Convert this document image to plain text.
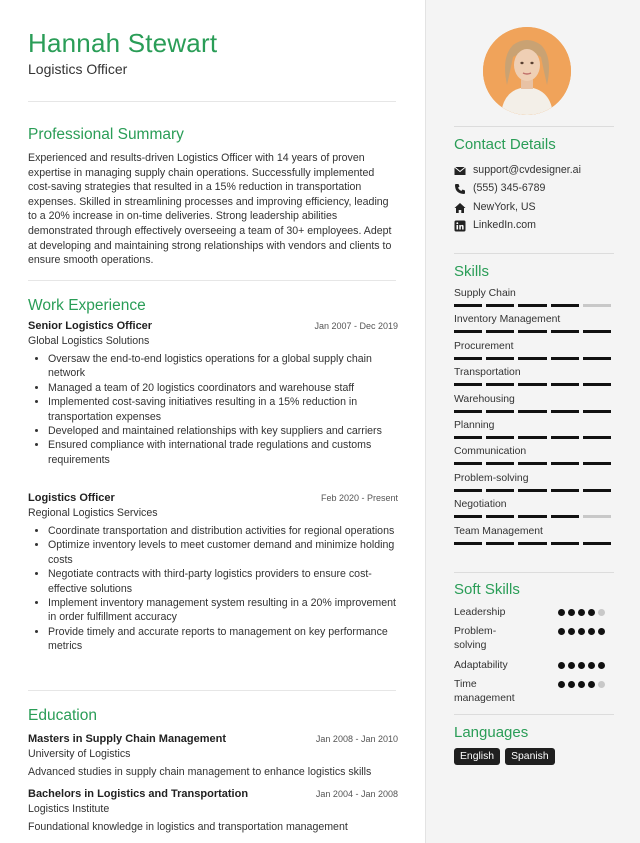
Hannah Stewart
Logistics Officer
Professional Summary

Experienced and results-driven Logistics Officer with 14 years of proven expertise in managing supply chain operations. Successfully implemented cost-saving strategies that resulted in a 15% reduction in transportation expenses. Skilled in streamlining processes and improving efficiency, leading to a 20% increase in on-time deliveries. Strong leadership abilities demonstrated through effectively overseeing a team of 30+ employees. Adept at developing and maintaining strong relationships with vendors and clients to ensure smooth operations.

Work Experience
Senior Logistics Officer	Jan 2007 - Dec 2019
Global Logistics Solutions
• Oversaw the end-to-end logistics operations for a global supply chain network
• Managed a team of 20 logistics coordinators and warehouse staff
• Implemented cost-saving initiatives resulting in a 15% reduction in transportation expenses
• Developed and maintained relationships with key suppliers and carriers
• Ensured compliance with international trade regulations and customs requirements
Logistics Officer	Feb 2020 - Present
Regional Logistics Services
• Coordinate transportation and distribution activities for regional operations
• Optimize inventory levels to meet customer demand and minimize holding costs
• Negotiate contracts with third-party logistics providers to ensure cost-effective solutions
• Implement inventory management system resulting in a 20% improvement in order fulfillment accuracy
• Provide timely and accurate reports to management on key performance metrics
Education
Masters in Supply Chain Management	Jan 2008 - Jan 2010
University of Logistics
Advanced studies in supply chain management to enhance logistics skills
Bachelors in Logistics and Transportation	Jan 2004 - Jan 2008
Logistics Institute
Foundational knowledge in logistics and transportation management
Contact Details
support@cvdesigner.ai
(555) 345-6789
NewYork, US
LinkedIn.com
Skills
Supply Chain
Inventory Management
Procurement
Transportation
Warehousing
Planning
Communication
Problem-solving
Negotiation
Team Management
Soft Skills
Leadership
Problem-solving
Adaptability
Time management
Languages
English	Spanish
